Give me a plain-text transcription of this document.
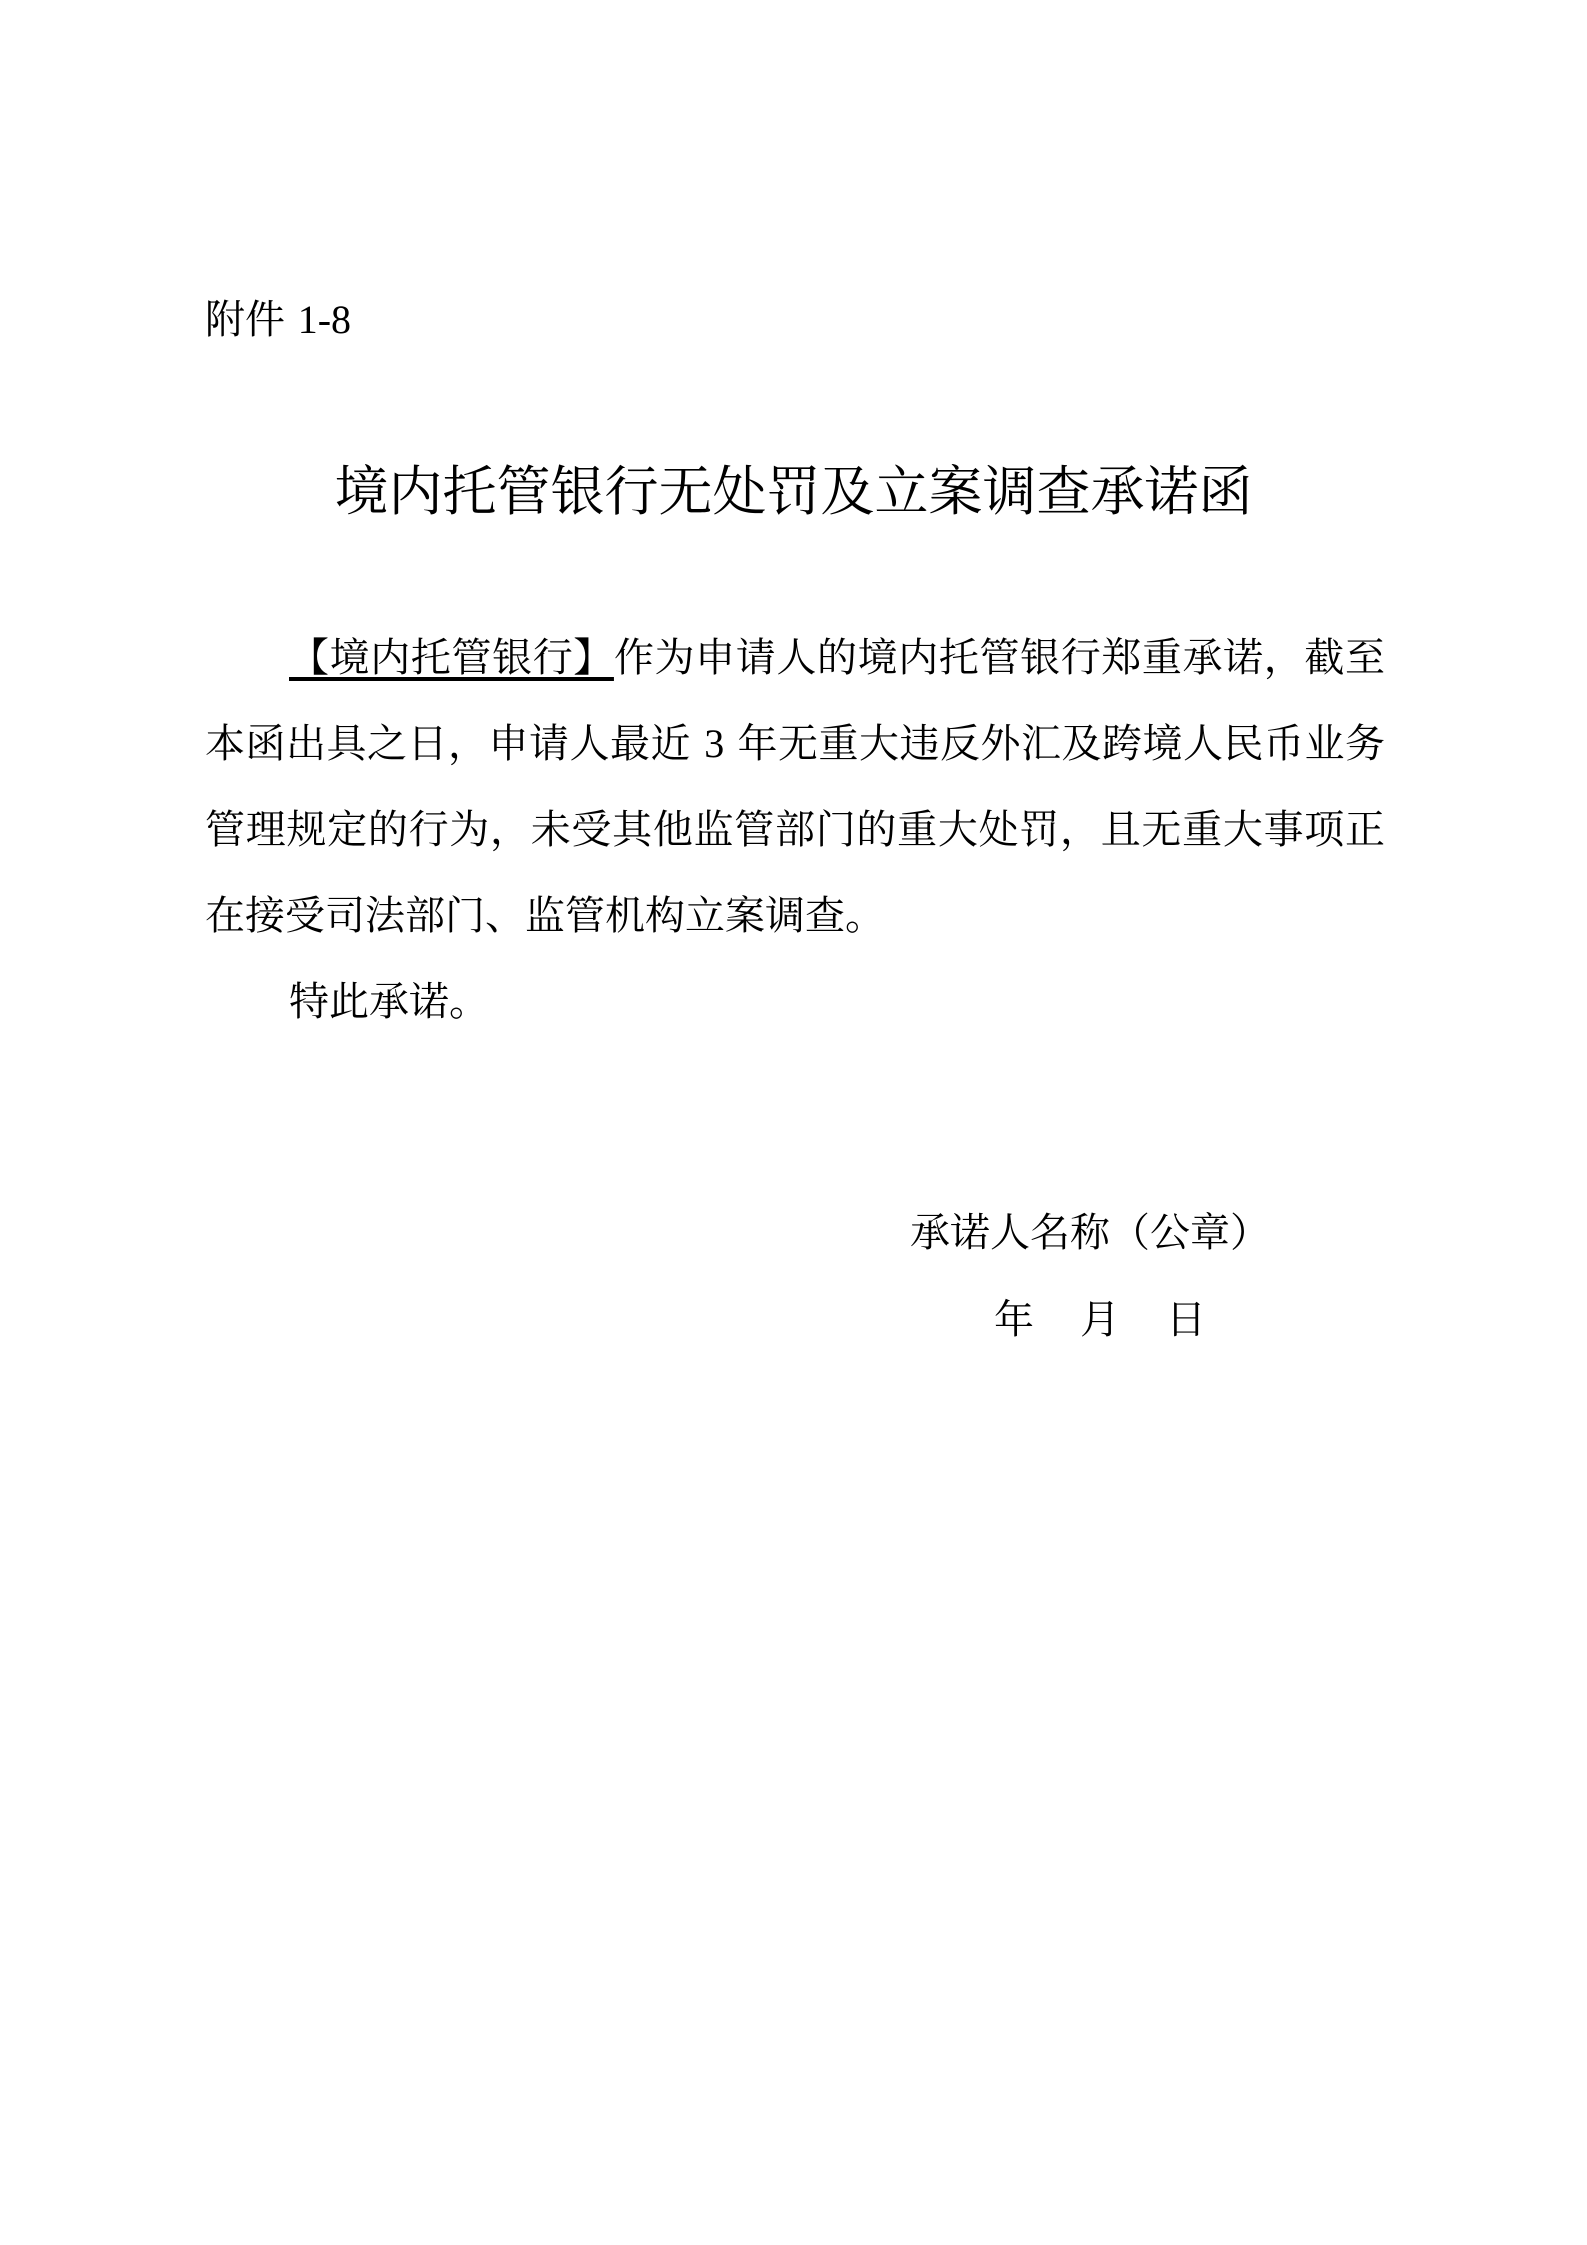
附件 1-8
境内托管银行无处罚及立案调查承诺函

【境内托管银行】作为申请人的境内托管银行郑重承诺，截至本函出具之日，申请人最近 3 年无重大违反外汇及跨境人民币业务管理规定的行为，未受其他监管部门的重大处罚，且无重大事项正在接受司法部门、监管机构立案调查。

特此承诺。

承诺人名称（公章）
年 月 日
